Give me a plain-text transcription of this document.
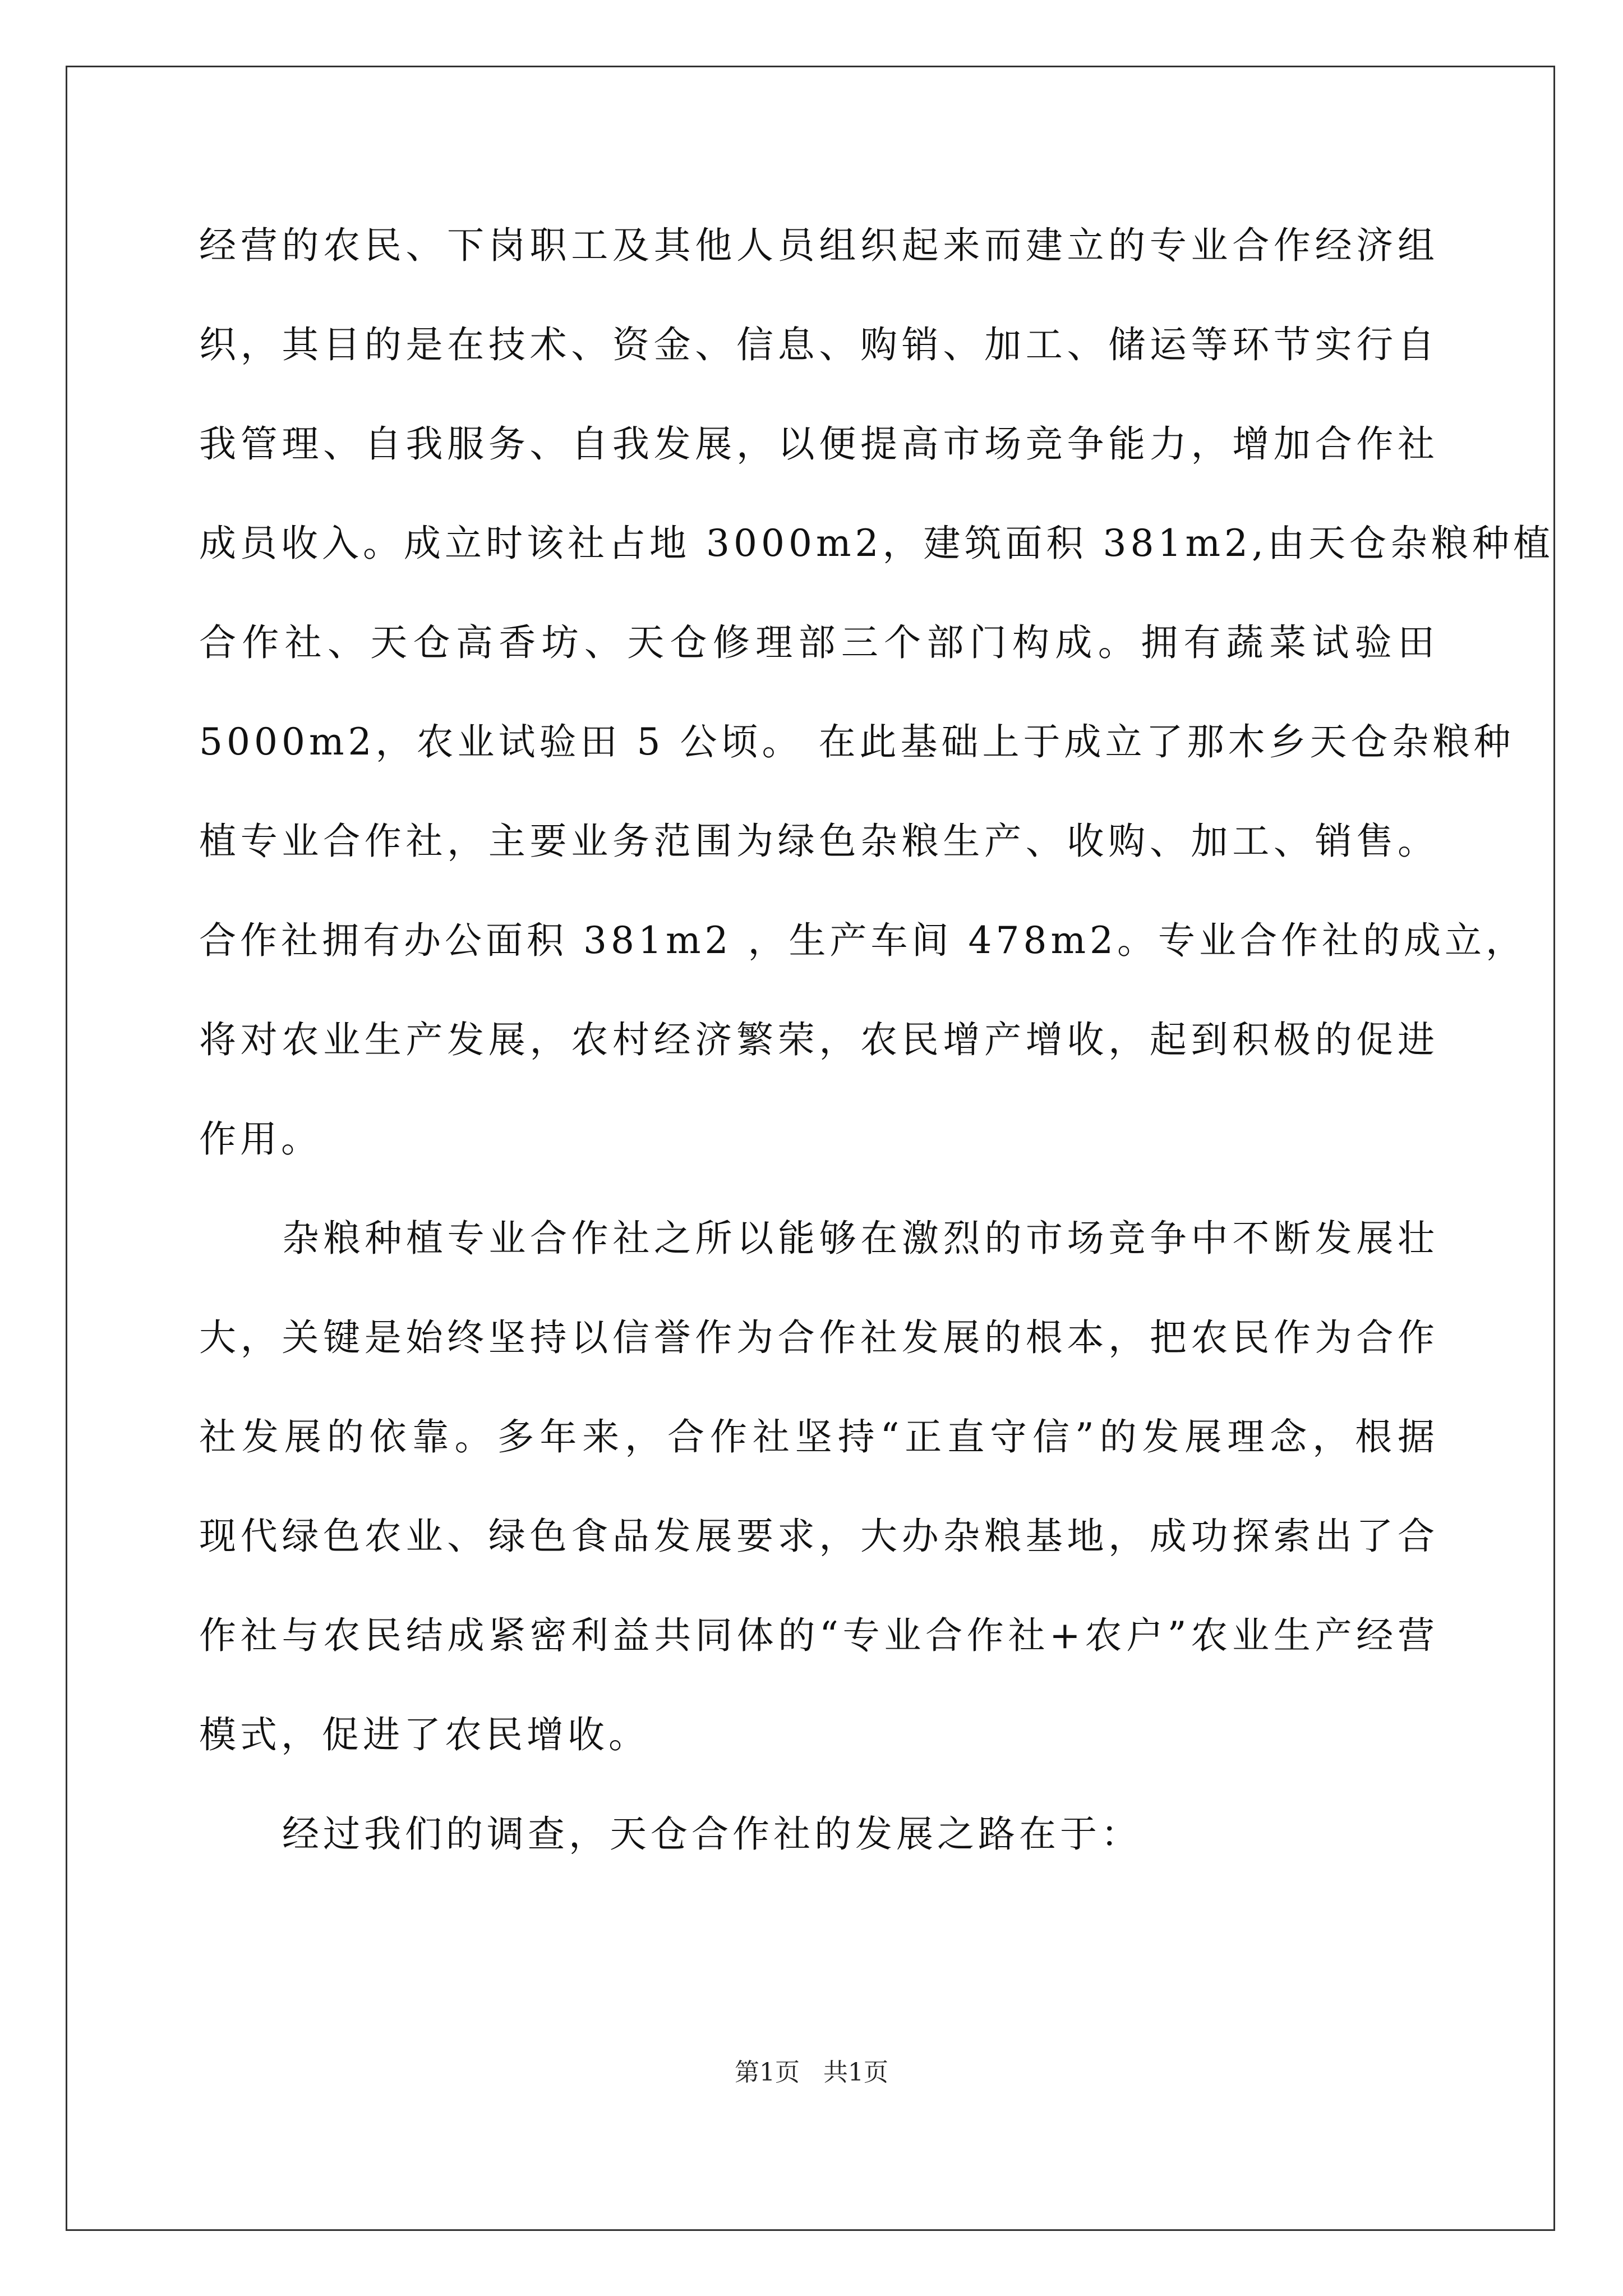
经营的农民、下岗职工及其他人员组织起来而建立的专业合作经济组
织，其目的是在技术、资金、信息、购销、加工、储运等环节实行自
我管理、自我服务、自我发展，以便提高市场竞争能力，增加合作社
成员收入。成立时该社占地 3000m2，建筑面积 381m2,由天仓杂粮种植
合作社、天仓高香坊、天仓修理部三个部门构成。拥有蔬菜试验田
5000m2，农业试验田 5 公顷。 在此基础上于成立了那木乡天仓杂粮种
植专业合作社，主要业务范围为绿色杂粮生产、收购、加工、销售。
合作社拥有办公面积 381m2 ，生产车间 478m2。专业合作社的成立，
将对农业生产发展，农村经济繁荣，农民增产增收，起到积极的促进
作用。
杂粮种植专业合作社之所以能够在激烈的市场竞争中不断发展壮
大，关键是始终坚持以信誉作为合作社发展的根本，把农民作为合作
社发展的依靠。多年来，合作社坚持“正直守信”的发展理念，根据
现代绿色农业、绿色食品发展要求，大办杂粮基地，成功探索出了合
作社与农民结成紧密利益共同体的“专业合作社+农户”农业生产经营
模式，促进了农民增收。
经过我们的调查，天仓合作社的发展之路在于：
第1页   共1页
